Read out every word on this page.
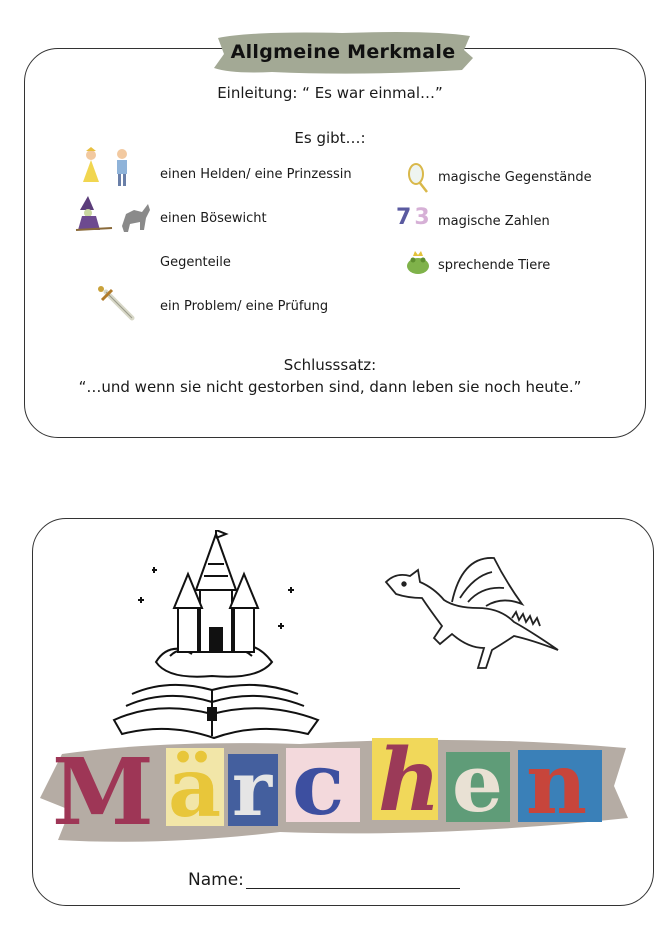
Allgmeine Merkmale
Einleitung: “ Es war einmal…”
Es gibt…:
einen Helden/ eine Prinzessin
einen Bösewicht
Gegenteile
ein Problem/ eine Prüfung
magische Gegenstände
7 3 magische Zahlen
sprechende Tiere
Schlusssatz:
“…und wenn sie nicht gestorben sind, dann leben sie noch heute.”
M ä r c h e n
Name:
